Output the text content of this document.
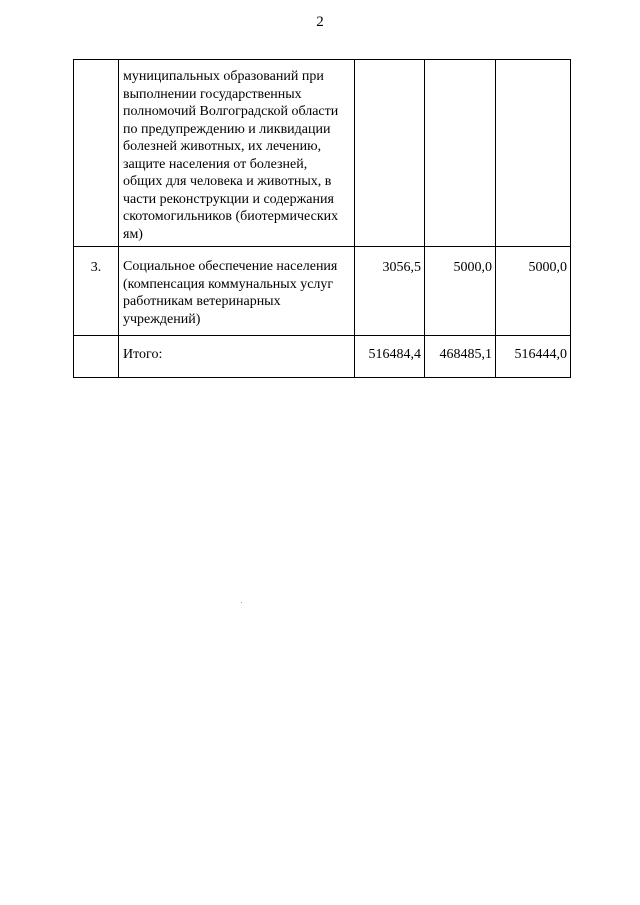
2
	муниципальных образований при выполнении государственных полномочий Волгоградской области по предупреждению и ликвидации болезней животных, их лечению, защите населения от болезней, общих для человека и животных, в части реконструкции и содержания скотомогильников (биотермических ям)			
3.	Социальное обеспечение населения (компенсация коммунальных услуг работникам ветеринарных учреждений)	3056,5	5000,0	5000,0
	Итого:	516484,4	468485,1	516444,0
